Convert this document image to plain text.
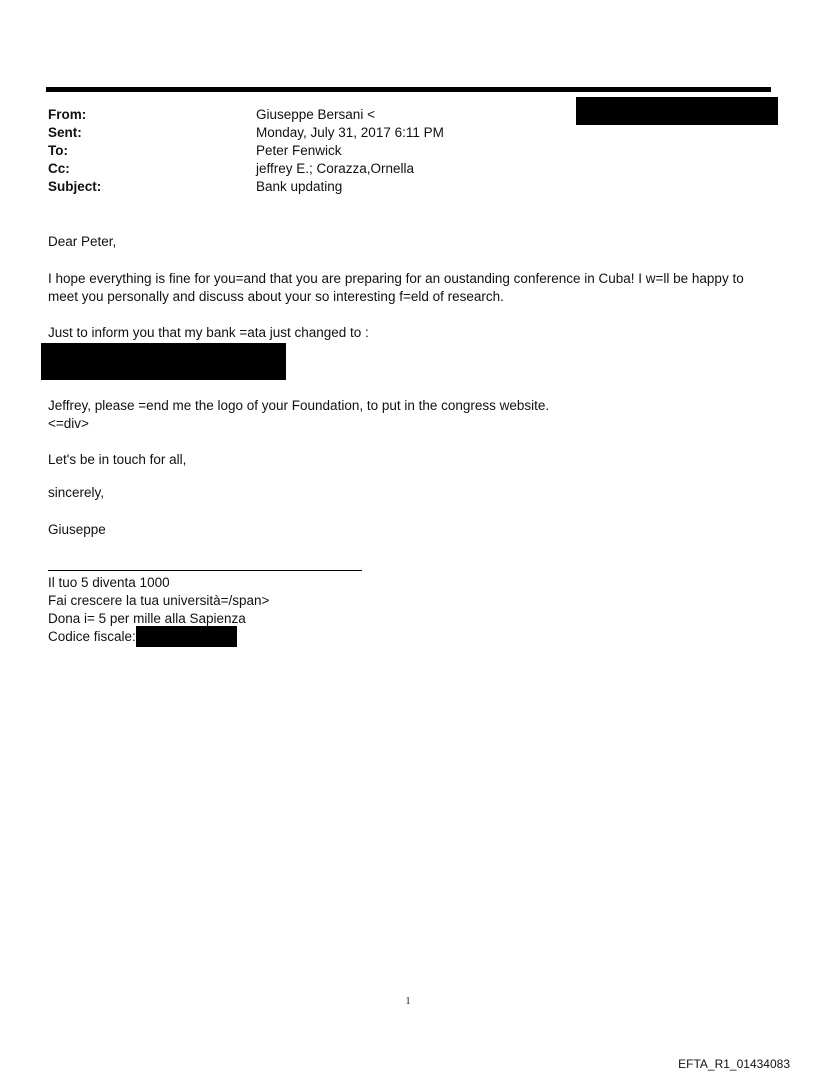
From:	Giuseppe Bersani <
Sent:	Monday, July 31, 2017 6:11 PM
To:	Peter Fenwick
Cc:	jeffrey E.; Corazza,Ornella
Subject:	Bank updating
Dear Peter,
I hope everything is fine for you=and that you are preparing for an oustanding conference in Cuba! I w=ll be happy to
meet you personally and discuss about your so interesting f=eld of research.
Just to inform you that my bank =ata just changed to :
Jeffrey, please =end me the logo of your Foundation, to put in the congress website.
<=div>
Let's be in touch for all,
sincerely,
Giuseppe
Il tuo 5 diventa 1000
Fai crescere la tua università=/span>
Dona i= 5 per mille alla Sapienza
Codice fiscale:
1
EFTA_R1_01434083
